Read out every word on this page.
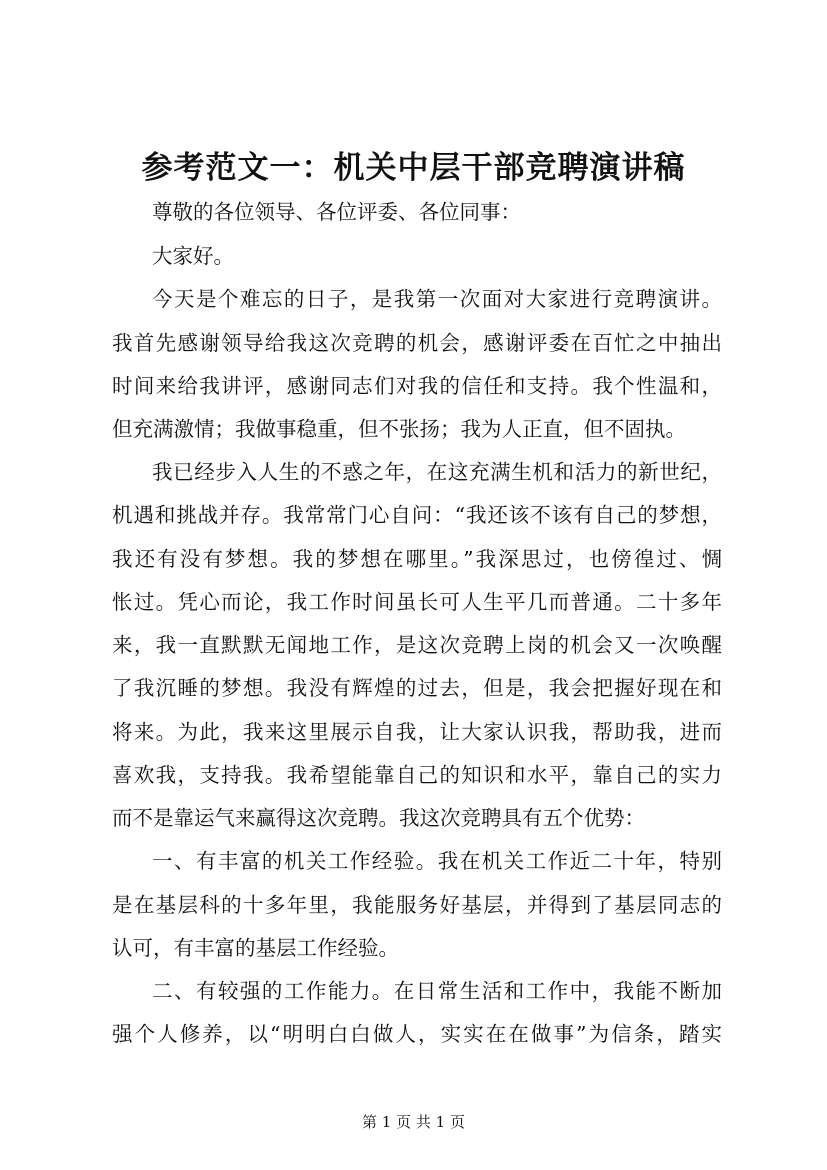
参考范文一：机关中层干部竞聘演讲稿
尊敬的各位领导、各位评委、各位同事：
大家好。
今天是个难忘的日子，是我第一次面对大家进行竞聘演讲。
我首先感谢领导给我这次竞聘的机会，感谢评委在百忙之中抽出
时间来给我讲评，感谢同志们对我的信任和支持。我个性温和，
但充满激情；我做事稳重，但不张扬；我为人正直，但不固执。
我已经步入人生的不惑之年，在这充满生机和活力的新世纪，
机遇和挑战并存。我常常门心自问：“我还该不该有自己的梦想，
我还有没有梦想。我的梦想在哪里。”我深思过，也傍徨过、惆
怅过。凭心而论，我工作时间虽长可人生平几而普通。二十多年
来，我一直默默无闻地工作，是这次竞聘上岗的机会又一次唤醒
了我沉睡的梦想。我没有辉煌的过去，但是，我会把握好现在和
将来。为此，我来这里展示自我，让大家认识我，帮助我，进而
喜欢我，支持我。我希望能靠自己的知识和水平，靠自己的实力
而不是靠运气来赢得这次竞聘。我这次竞聘具有五个优势：
一、有丰富的机关工作经验。我在机关工作近二十年，特别
是在基层科的十多年里，我能服务好基层，并得到了基层同志的
认可，有丰富的基层工作经验。
二、有较强的工作能力。在日常生活和工作中，我能不断加
强个人修养，以“明明白白做人，实实在在做事”为信条，踏实
第 1 页 共 1 页
